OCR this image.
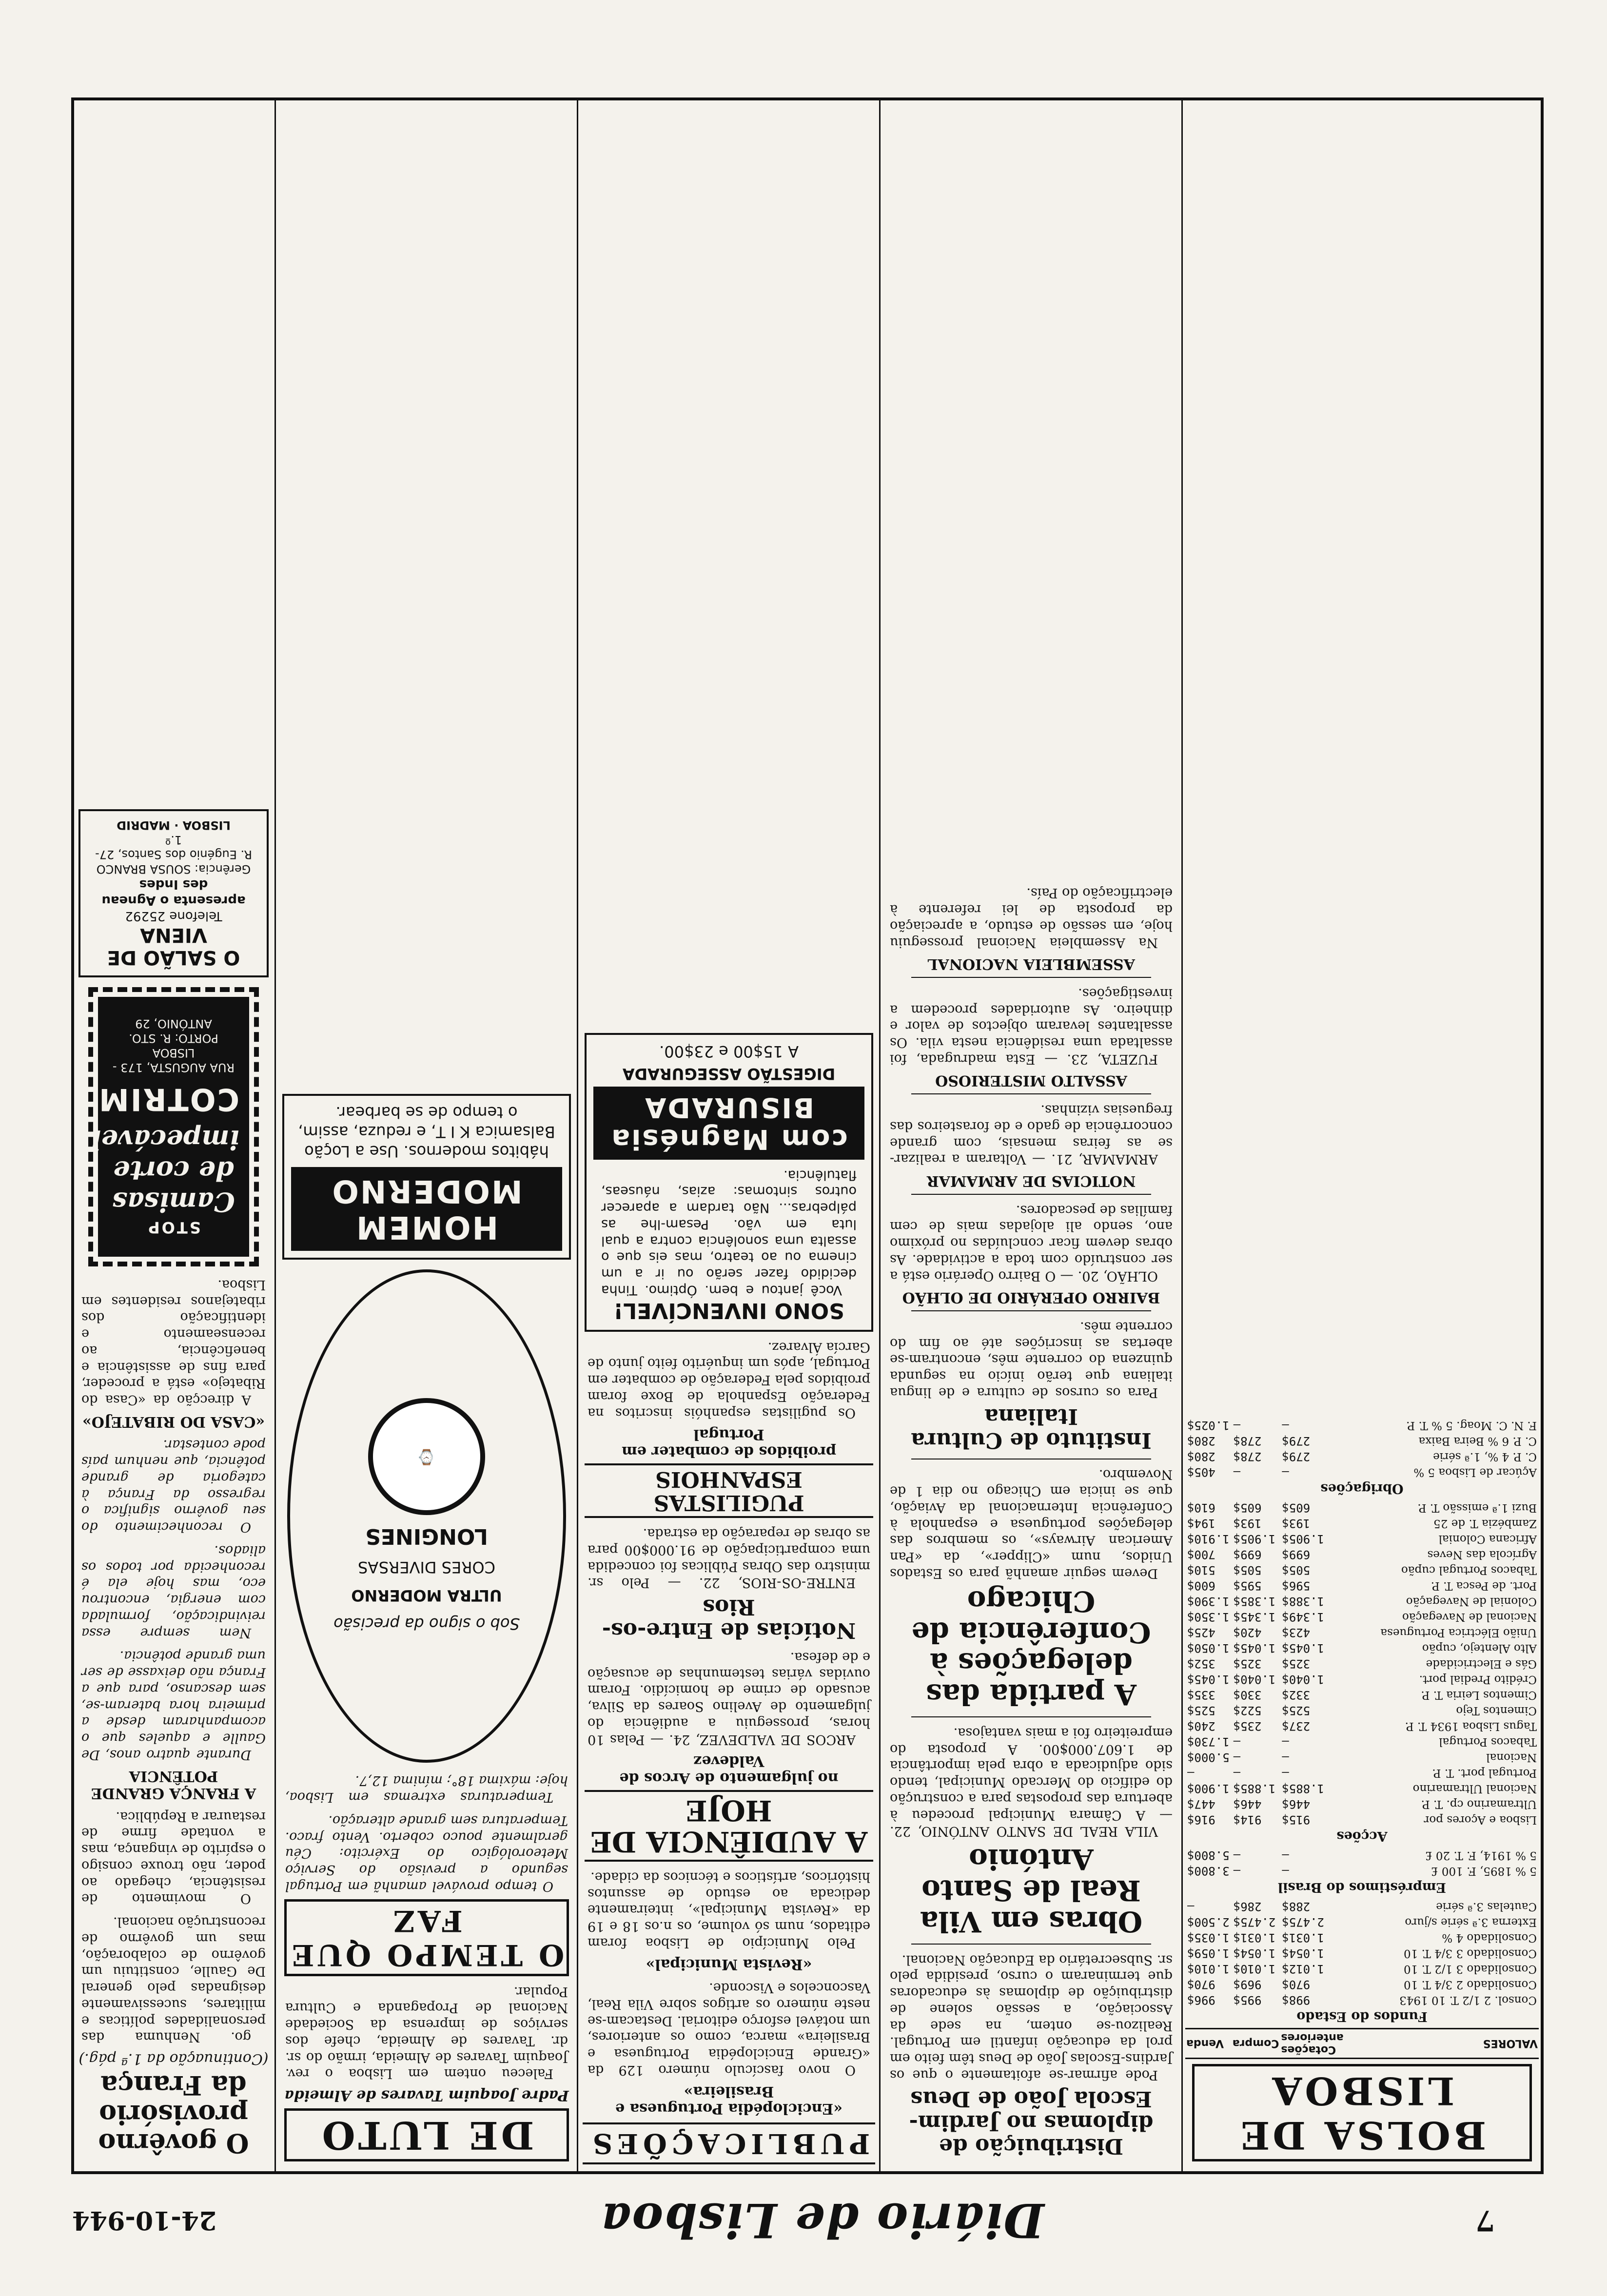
7
Diário de Lisboa
24-10-944
BOLSA DE LISBOA
VALORES	Cotações anteriores	Compra	Venda
Fundos do Estado			
Consol. 2 1/2 T. 10 1943	998$	995$	996$
Consolidado 2 3/4 T. 10	970$	969$	970$
Consolidado 3 1/2 T. 10	1.012$	1.010$	1.010$
Consolidado 3 3/4 T. 10	1.054$	1.054$	1.059$
Consolidado 4 %	1.031$	1.031$	1.035$
Externa 3.ª série s/juro	2.475$	2.475$	2.500$
Cautelas 3.ª série	288$	286$	—
Empréstimos do Brasil			
5 % 1895, F. 100 £	—	—	3.800$
5 % 1914, F. T. 20 £	—	—	5.800$
Acções			
Lisboa e Açores por	915$	914$	916$
Ultramarino cp. T. P.	446$	446$	447$
Nacional Ultramarino	1.885$	1.885$	1.900$
Portugal port. T. P.	—	—	—
Nacional	—	—	5.000$
Tabacos Portugal	—	—	1.730$
Tagus Lisboa 1934 T. P.	237$	235$	240$
Cimentos Tejo	525$	522$	525$
Cimentos Leiria T. P.	332$	330$	335$
Crédito Predial port.	1.040$	1.040$	1.045$
Gás e Electricidade	325$	325$	352$
Alto Alentejo, cupão	1.045$	1.045$	1.050$
União Eléctrica Portuguesa	423$	420$	425$
Nacional de Navegação	1.349$	1.345$	1.350$
Colonial de Navegação	1.388$	1.385$	1.390$
Port. de Pesca T. P.	596$	595$	600$
Tabacos Portugal cupão	505$	505$	510$
Agrícola das Neves	699$	699$	700$
Africana Colonial	1.905$	1.905$	1.910$
Zambézia T. de 25	193$	193$	194$
Buzi 1.ª emissão T. P.	605$	605$	610$
Obrigações			
Açúcar de Lisboa 5 %	—	—	405$
C. P. 4 %, 1.ª série	279$	278$	280$
C. P. 6 % Beira Baixa	279$	278$	280$
F. N. C. Moag. 5 % T. P.	—	—	1.025$
Distribuição de diplomas no Jardim-Escola João de Deus

Pode afirmar-se afoitamente o que os Jardins-Escolas João de Deus têm feito em prol da educação infantil em Portugal. Realizou-se ontem, na sede da Associação, a sessão solene de distribuição de diplomas às educadoras que terminaram o curso, presidida pelo sr. Subsecretário da Educação Nacional.

Obras em Vila Real de Santo António

VILA REAL DE SANTO ANTÓNIO, 22. — A Câmara Municipal procedeu à abertura das propostas para a construção do edifício do Mercado Municipal, tendo sido adjudicada a obra pela importância de 1.607.000$00. A proposta do empreiteiro foi a mais vantajosa.

A partida das delegações à Conferência de Chicago

Devem seguir amanhã para os Estados Unidos, num «Clipper», da «Pan American Airways», os membros das delegações portuguesa e espanhola à Conferência Internacional da Aviação, que se inicia em Chicago no dia 1 de Novembro.

Instituto de Cultura Italiana

Para os cursos de cultura e de lingua italiana que terão início na segunda quinzena do corrente mês, encontram-se abertas as inscrições até ao fim do corrente mês.

BAIRRO OPERÁRIO DE OLHÃO

OLHÃO, 20. — O Bairro Operário está a ser construído com toda a actividade. As obras devem ficar concluídas no próximo ano, sendo ali alojadas mais de cem famílias de pescadores.

NOTICIAS DE ARMAMAR

ARMAMAR, 21. — Voltaram a realizar-se as feiras mensais, com grande concorrência de gado e de forasteiros das freguesias vizinhas.

ASSALTO MISTERIOSO

FUZETA, 23. — Esta madrugada, foi assaltada uma residência nesta vila. Os assaltantes levaram objectos de valor e dinheiro. As autoridades procedem a investigações.

ASSEMBLEIA NACIONAL

Na Assembleia Nacional prosseguiu hoje, em sessão de estudo, a apreciação da proposta de lei referente à electrificação do País.

PUBLICAÇÕES
«Enciclopédia Portuguesa e Brasileira»

O novo fascículo número 129 da «Grande Enciclopédia Portuguesa e Brasileira» marca, como os anteriores, um notável esforço editorial. Destacam-se neste número os artigos sobre Vila Real, Vasconcelos e Visconde.

«Revista Municipal»

Pelo Município de Lisboa foram editados, num só volume, os n.os 18 e 19 da «Revista Municipal», inteiramente dedicada ao estudo de assuntos históricos, artísticos e técnicos da cidade.

A AUDIÊNCIA DE HOJE
no julgamento de Arcos de Valdevez

ARCOS DE VALDEVEZ, 24. — Pelas 10 horas, prosseguiu a audiência do julgamento de Avelino Soares da Silva, acusado de crime de homicídio. Foram ouvidas várias testemunhas de acusação e de defesa.

Notícias de Entre-os-Rios

ENTRE-OS-RIOS, 22. — Pelo sr. ministro das Obras Públicas foi concedida uma comparticipação de 91.000$00 para as obras de reparação da estrada.

PUGILISTAS ESPANHOIS
proibidos de combater em Portugal

Os pugilistas espanhóis inscritos na Federação Espanhola de Boxe foram proibidos pela Federação de combater em Portugal, após um inquérito feito junto de García Álvarez.

SONO INVENCÍVEL!

Você jantou e bem. Óptimo. Tinha decidido fazer serão ou ir a um cinema ou ao teatro, mas eis que o assalta uma sonolência contra a qual luta em vão. Pesam-lhe as pálpebras... Não tardam a aparecer outros sintomas: azias, náuseas, flatulência.

com Magnésia BISURADA
DIGESTÃO ASSEGURADA
A 15$00 e 23$00.
DE LUTO
Padre Joaquim Tavares de Almeida

Faleceu ontem em Lisboa o rev. Joaquim Tavares de Almeida, irmão do sr. dr. Tavares de Almeida, chefe dos serviços de imprensa da Sociedade Nacional de Propaganda e Cultura Popular.

O TEMPO QUE FAZ

O tempo provável amanhã em Portugal segundo a previsão do Serviço Meteorológico do Exército: Céu geralmente pouco coberto. Vento fraco. Temperatura sem grande alteração.

Temperaturas extremas em Lisboa, hoje: máxima 18°; mínima 12,7.

Sob o signo da precisão
ULTRA MODERNO
CORES DIVERSAS
LONGINES
⌚
HOMEM MODERNO
hábitos modernos. Use a Loção Balsamica K I T, e reduza, assim, o tempo de se barbear.
O govêrno provisório da França
(Continuação da 1.ª pág.)

go. Nenhuma das personalidades políticas e militares, sucessivamente designadas pelo general De Gaulle, constituiu um govêrno de colaboração, mas um govêrno de reconstrução nacional.

O movimento de resistência, chegado ao poder, não trouxe consigo o espírito de vingança, mas a vontade firme de restaurar a República.

A FRANÇA GRANDE POTÊNCIA

Durante quatro anos, De Gaulle e aqueles que o acompanharam desde a primeira hora bateram-se, sem descanso, para que a França não deixasse de ser uma grande potência.

Nem sempre essa reivindicação, formulada com energia, encontrou eco, mas hoje ela é reconhecida por todos os aliados.

O reconhecimento do seu govêrno significa o regresso da França à categoria de grande potência, que nenhum país pode contestar.

«CASA DO RIBATEJO»

A direcção da «Casa do Ribatejo» está a proceder, para fins de assistência e beneficência, ao recenseamento e identificação dos ribatejanos residentes em Lisboa.

STOP
Camisas de corte impecável
COTRIM
RUA AUGUSTA, 173 - LISBOA
PORTO: R. STO. ANTÓNIO, 29
O SALÃO DE VIENA
Telefone 25292
apresenta o Agneau des Indes
Gerência: SOUSA BRANCO
R. Eugénio dos Santos, 27-1.º
LISBOA · MADRID
